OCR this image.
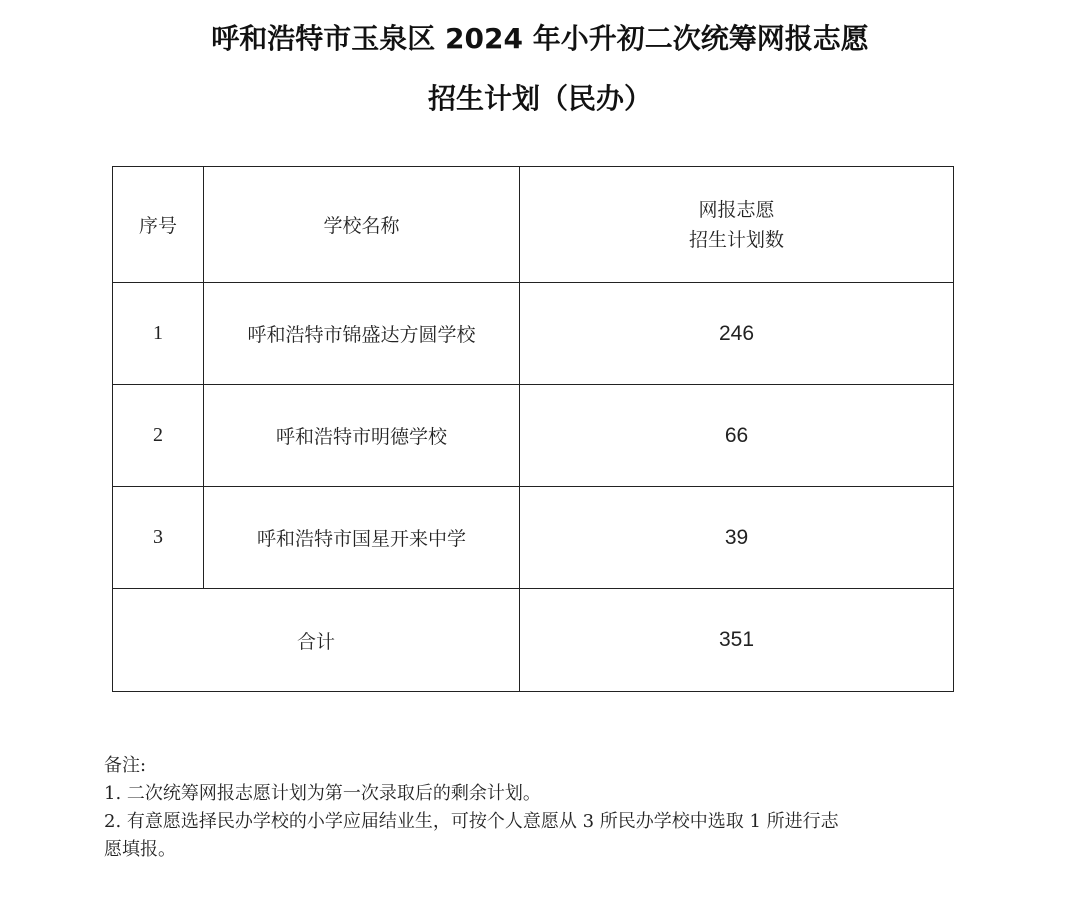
呼和浩特市玉泉区 2024 年小升初二次统筹网报志愿
招生计划（民办）
序号	学校名称	网报志愿
招生计划数

1	呼和浩特市锦盛达方圆学校	246
2	呼和浩特市明德学校	66
3	呼和浩特市国星开来中学	39
合计		351
备注:
1. 二次统筹网报志愿计划为第一次录取后的剩余计划。
2. 有意愿选择民办学校的小学应届结业生，可按个人意愿从 3 所民办学校中选取 1 所进行志
愿填报。
